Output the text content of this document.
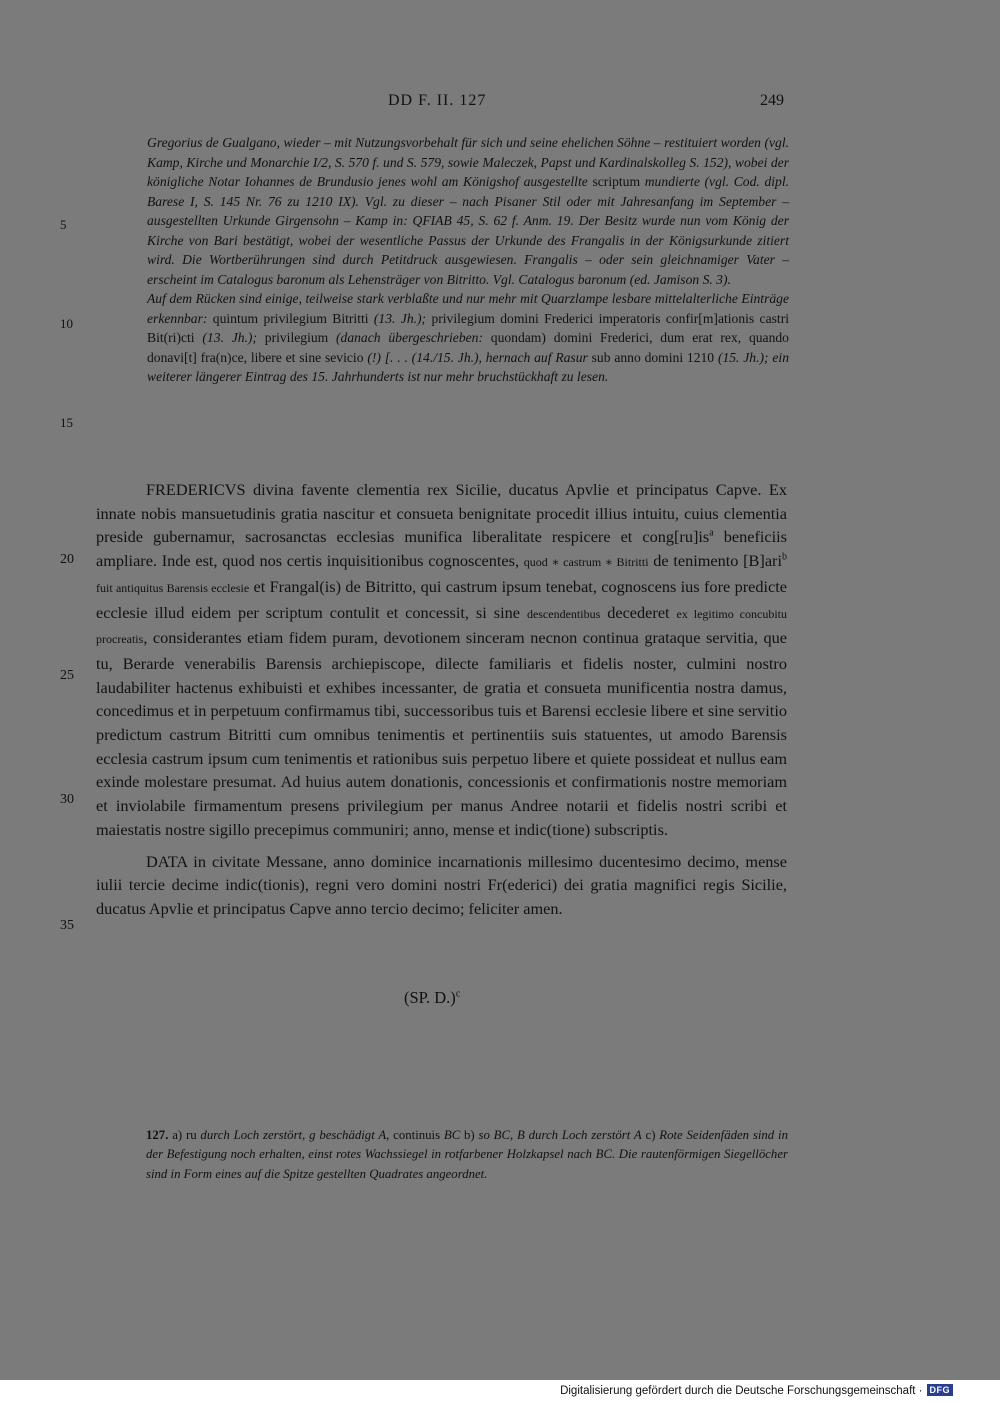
DD F. II. 127	249

Gregorius de Gualgano, wieder – mit Nutzungsvorbehalt für sich und seine ehelichen Söhne – restituiert worden (vgl. Kamp, Kirche und Monarchie I/2, S. 570 f. und S. 579, sowie Maleczek, Papst und Kardinalskolleg S. 152), wobei der königliche Notar Iohannes de Brundusio jenes wohl am Königshof ausgestellte scriptum mundierte (vgl. Cod. dipl. Barese I, S. 145 Nr. 76 zu 1210 IX). Vgl. zu dieser – nach Pisaner Stil oder mit Jahresanfang im September – ausgestellten Urkunde Girgensohn – Kamp in: QFIAB 45, S. 62 f. Anm. 19. Der Besitz wurde nun vom König der Kirche von Bari bestätigt, wobei der wesentliche Passus der Urkunde des Frangalis in der Königsurkunde zitiert wird. Die Wortberührungen sind durch Petitdruck ausgewiesen. Frangalis – oder sein gleichnamiger Vater – erscheint im Catalogus baronum als Lehensträger von Bitritto. Vgl. Catalogus baronum (ed. Jamison S. 3).

Auf dem Rücken sind einige, teilweise stark verblaßte und nur mehr mit Quarzlampe lesbare mittelalterliche Einträge erkennbar: quintum privilegium Bitritti (13. Jh.); privilegium domini Frederici imperatoris confir[m]ationis castri Bit(ri)cti (13. Jh.); privilegium (danach übergeschrieben: quondam) domini Frederici, dum erat rex, quando donavi[t] fra(n)ce, libere et sine sevicio (!) [. . . (14./15. Jh.), hernach auf Rasur sub anno domini 1210 (15. Jh.); ein weiterer längerer Eintrag des 15. Jahrhunderts ist nur mehr bruchstückhaft zu lesen.

5
10
15
20
25
30
35

FREDERICVS divina favente clementia rex Sicilie, ducatus Apvlie et principatus Capve. Ex innate nobis mansuetudinis gratia nascitur et consueta benignitate procedit illius intuitu, cuius clementia preside gubernamur, sacrosanctas ecclesias munifica liberalitate respicere et $cong[ru]is^a$ beneficiis ampliare. Inde est, quod nos certis inquisitionibus cognoscentes, quod ∗ castrum ∗ Bitritti de tenimento [B]ari$^b$ fuit antiquitus Barensis ecclesie et Frangal(is) de Bitritto, qui castrum ipsum tenebat, cognoscens ius fore predicte ecclesie illud eidem per scriptum contulit et concessit, si sine descendentibus decederet ex legitimo concubitu procreatis, considerantes etiam fidem puram, devotionem sinceram necnon continua grataque servitia, que tu, Berarde venerabilis Barensis archiepiscope, dilecte familiaris et fidelis noster, culmini nostro laudabiliter hactenus exhibuisti et exhibes incessanter, de gratia et consueta munificentia nostra damus, concedimus et in perpetuum confirmamus tibi, successoribus tuis et Barensi ecclesie libere et sine servitio predictum castrum Bitritti cum omnibus tenimentis et pertinentiis suis statuentes, ut amodo Barensis ecclesia castrum ipsum cum tenimentis et rationibus suis perpetuo libere et quiete possideat et nullus eam exinde molestare presumat. Ad huius autem donationis, concessionis et confirmationis nostre memoriam et inviolabile firmamentum presens privilegium per manus Andree notarii et fidelis nostri scribi et maiestatis nostre sigillo precepimus communiri; anno, mense et indic(tione) subscriptis.

DATA in civitate Messane, anno dominice incarnationis millesimo ducentesimo decimo, mense iulii tercie decime indic(tionis), regni vero domini nostri Fr(ederici) dei gratia magnifici regis Sicilie, ducatus Apvlie et principatus Capve anno tercio decimo; feliciter amen.

(SP. D.)$^c$
127. a) ru durch Loch zerstört, g beschädigt A, continuis BC b) so BC, B durch Loch zerstört A c) Rote Seidenfäden sind in der Befestigung noch erhalten, einst rotes Wachssiegel in rotfarbener Holzkapsel nach BC. Die rautenförmigen Siegellöcher sind in Form eines auf die Spitze gestellten Quadrates angeordnet.
Digitalisierung gefördert durch die Deutsche Forschungsgemeinschaft · DFG
